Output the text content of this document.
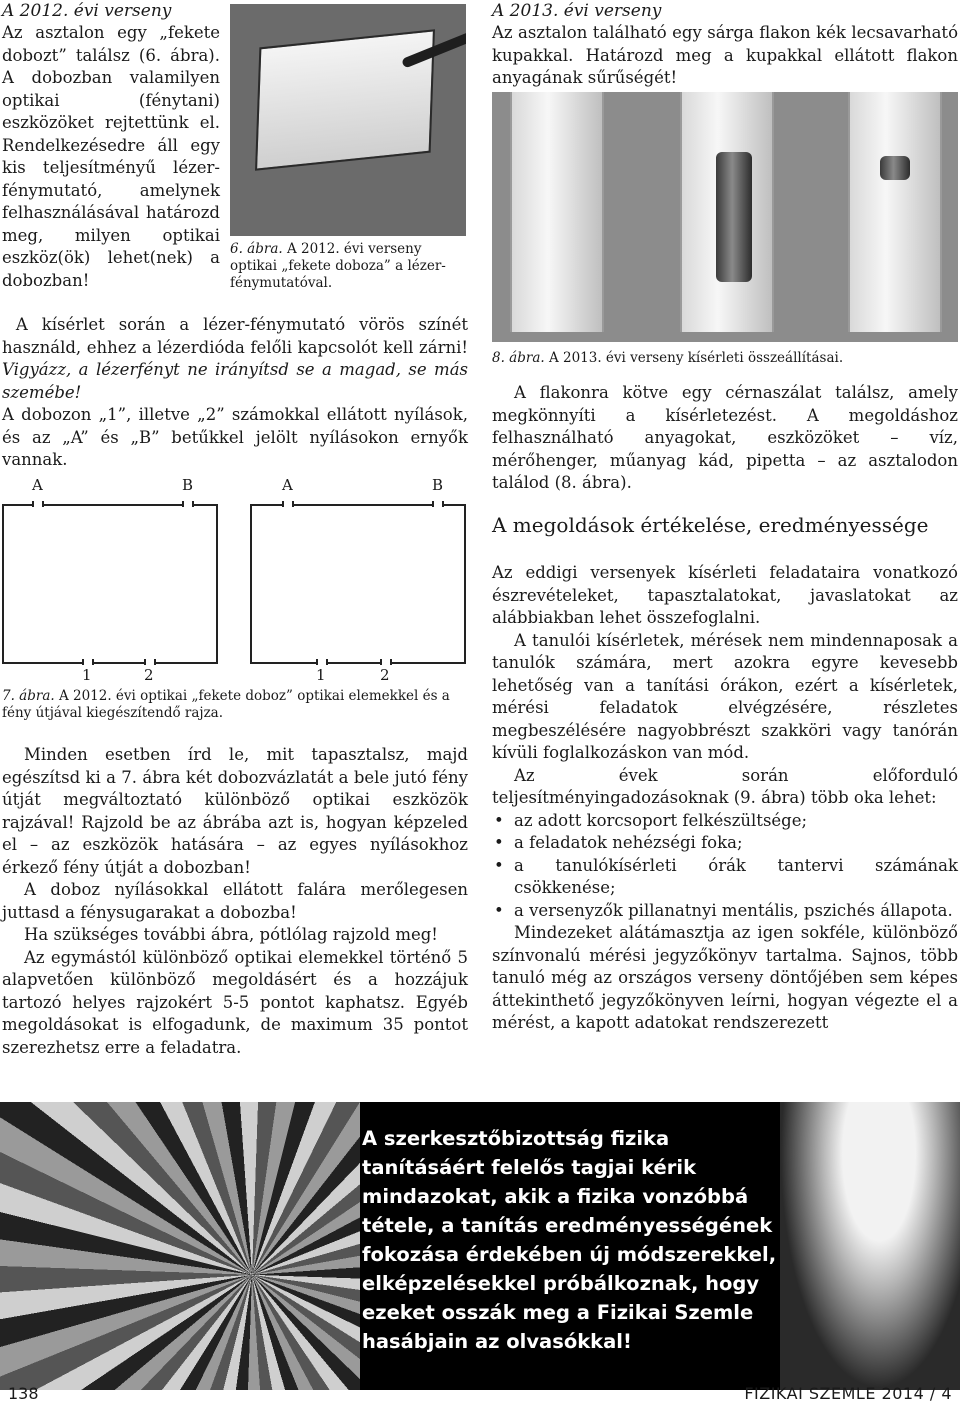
A 2012. évi verseny
Az asztalon egy „fekete dobozt” találsz (6. ábra). A dobozban valamilyen optikai (fénytani) eszközöket rejtettünk el. Rendelkezésedre áll egy kis teljesítményű lézer-fénymutató, amelynek felhasználásával határozd meg, milyen optikai eszköz(ök) lehet(nek) a dobozban!
6. ábra. A 2012. évi verseny optikai „fekete doboza” a lézer-fénymutatóval.
A kísérlet során a lézer-fénymutató vörös színét használd, ehhez a lézerdióda felőli kapcsolót kell zárni! Vigyázz, a lézerfényt ne irányítsd se a magad, se más szemébe!
A dobozon „1”, illetve „2” számokkal ellátott nyílások, és az „A” és „B” betűkkel jelölt nyílásokon ernyők vannak.
A	B	A	B
1	2	1	2
7. ábra. A 2012. évi optikai „fekete doboz” optikai elemekkel és a fény útjával kiegészítendő rajza.

Minden esetben írd le, mit tapasztalsz, majd egészítsd ki a 7. ábra két dobozvázlatát a bele jutó fény útját megváltoztató különböző optikai eszközök rajzával! Rajzold be az ábrába azt is, hogyan képzeled el – az eszközök hatására – az egyes nyílásokhoz érkező fény útját a dobozban!

A doboz nyílásokkal ellátott falára merőlegesen juttasd a fénysugarakat a dobozba!

Ha szükséges további ábra, pótlólag rajzold meg!

Az egymástól különböző optikai elemekkel történő 5 alapvetően különböző megoldásért és a hozzájuk tartozó helyes rajzokért 5-5 pontot kaphatsz. Egyéb megoldásokat is elfogadunk, de maximum 35 pontot szerezhetsz erre a feladatra.

A 2013. évi verseny
Az asztalon található egy sárga flakon kék lecsavarható kupakkal. Határozd meg a kupakkal ellátott flakon anyagának sűrűségét!
8. ábra. A 2013. évi verseny kísérleti összeállításai.
A flakonra kötve egy cérnaszálat találsz, amely megkönnyíti a kísérletezést. A megoldáshoz felhasználható anyagokat, eszközöket – víz, mérőhenger, műanyag kád, pipetta – az asztalodon találod (8. ábra).
A megoldások értékelése, eredményessége

Az eddigi versenyek kísérleti feladataira vonatkozó észrevételeket, tapasztalatokat, javaslatokat az alábbiakban lehet összefoglalni.

A tanulói kísérletek, mérések nem mindennaposak a tanulók számára, mert azokra egyre kevesebb lehetőség van a tanítási órákon, ezért a kísérletek, mérési feladatok elvégzésére, részletes megbeszélésére nagyobbrészt szakköri vagy tanórán kívüli foglalkozáskon van mód.

Az évek során előforduló teljesítményingadozásoknak (9. ábra) több oka lehet:

• az adott korcsoport felkészültsége;
• a feladatok nehézségi foka;
• a tanulókísérleti órák tantervi számának csökkenése;
• a versenyzők pillanatnyi mentális, pszichés állapota.

Mindezeket alátámasztja az igen sokféle, különböző színvonalú mérési jegyzőkönyv tartalma. Sajnos, több tanuló még az országos verseny döntőjében sem képes áttekinthető jegyzőkönyven leírni, hogyan végezte el a mérést, a kapott adatokat rendszerezett

A szerkesztőbizottság fizika tanításáért felelős tagjai kérik mindazokat, akik a fizika vonzóbbá tétele, a tanítás eredményességének fokozása érdekében új módszerekkel, elképzelésekkel próbálkoznak, hogy ezeket osszák meg a Fizikai Szemle hasábjain az olvasókkal!
138	FIZIKAI SZEMLE 2014 / 4
